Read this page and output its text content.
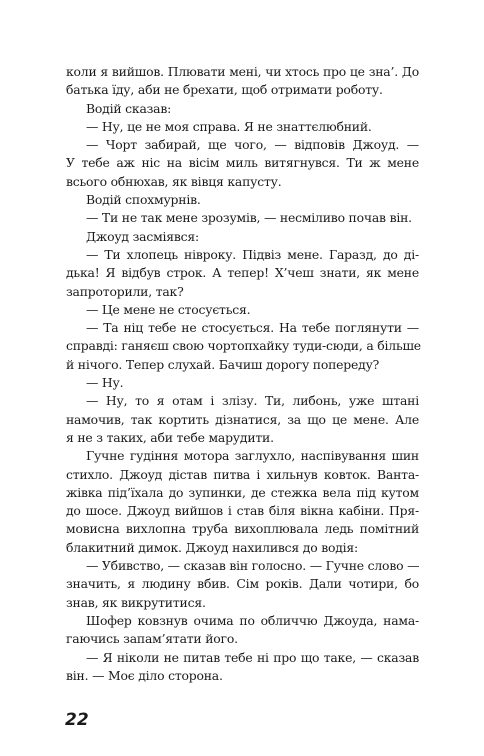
коли я вийшов. Плювати мені, чи хтось про це зна’. До
батька їду, аби не брехати, щоб отримати роботу.
Водій сказав:
— Ну, це не моя справа. Я не знаттєлюбний.
— Чорт забирай, ще чого, — відповів Джоуд. —
У тебе аж ніс на вісім миль витягнувся. Ти ж мене
всього обнюхав, як вівця капусту.
Водій спохмурнів.
— Ти не так мене зрозумів, — несміливо почав він.
Джоуд засміявся:
— Ти хлопець нівроку. Підвіз мене. Гаразд, до ді-
дька! Я відбув строк. А тепер! Х’чеш знати, як мене
запроторили, так?
— Це мене не стосується.
— Та ніц тебе не стосується. На тебе поглянути —
справді: ганяєш свою чортопхайку туди-сюди, а більше
й нічого. Тепер слухай. Бачиш дорогу попереду?
— Ну.
— Ну, то я отам і злізу. Ти, либонь, уже штані
намочив, так кортить дізнатися, за що це мене. Але
я не з таких, аби тебе марудити.
Гучне гудіння мотора заглухло, наспівування шин
стихло. Джоуд дістав питва і хильнув ковток. Ванта-
жівка під’їхала до зупинки, де стежка вела під кутом
до шосе. Джоуд вийшов і став біля вікна кабіни. Пря-
мовисна вихлопна труба вихоплювала ледь помітний
блакитний димок. Джоуд нахилився до водія:
— Убивство, — сказав він голосно. — Гучне слово —
значить, я людину вбив. Сім років. Дали чотири, бо
знав, як викрутитися.
Шофер ковзнув очима по обличчю Джоуда, нама-
гаючись запам’ятати його.
— Я ніколи не питав тебе ні про що таке, — сказав
він. — Моє діло сторона.
22
